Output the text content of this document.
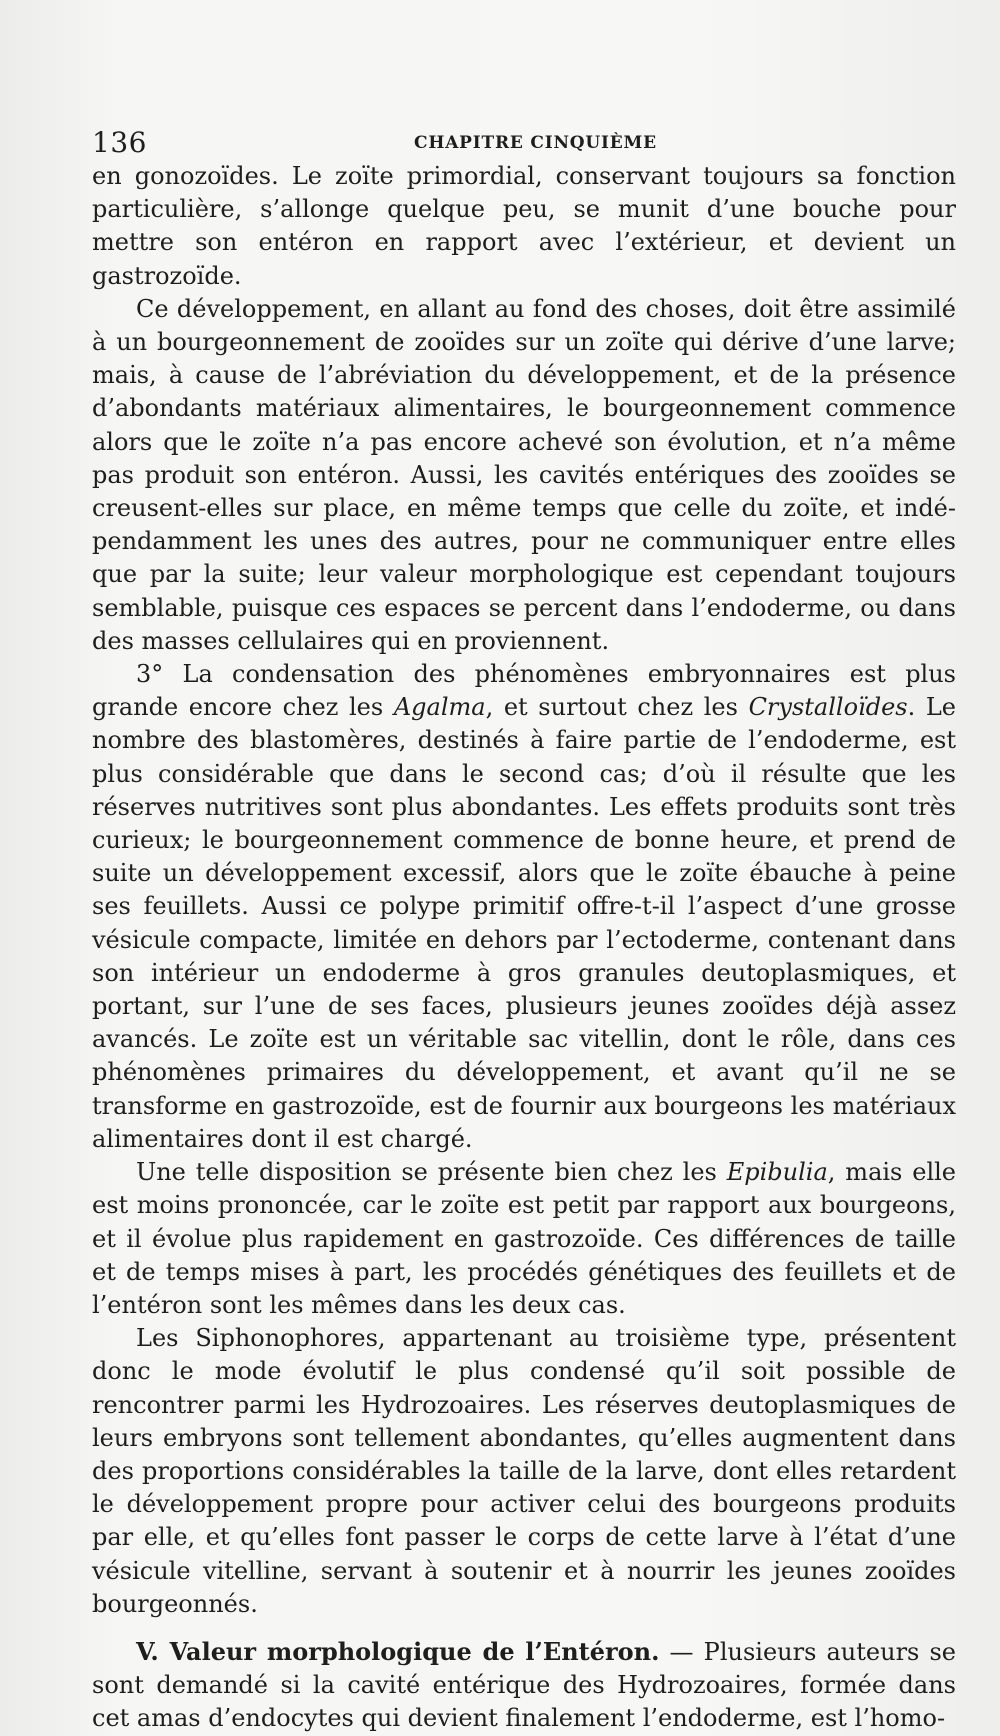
136	CHAPITRE CINQUIÈME

en gonozoïdes. Le zoïte primordial, conservant toujours sa fonction particulière, s’allonge quelque peu, se munit d’une bouche pour mettre son entéron en rapport avec l’extérieur, et devient un gastrozoïde.

Ce développement, en allant au fond des choses, doit être assimilé à un bourgeonnement de zooïdes sur un zoïte qui dérive d’une larve; mais, à cause de l’abréviation du développement, et de la présence d’abondants matériaux alimentaires, le bourgeonnement commence alors que le zoïte n’a pas encore achevé son évolution, et n’a même pas produit son entéron. Aussi, les cavités entériques des zooïdes se creusent-elles sur place, en même temps que celle du zoïte, et indépendamment les unes des autres, pour ne communiquer entre elles que par la suite; leur valeur morphologique est cependant toujours semblable, puisque ces espaces se percent dans l’endoderme, ou dans des masses cellulaires qui en proviennent.

3° La condensation des phénomènes embryonnaires est plus grande encore chez les Agalma, et surtout chez les Crystalloïdes. Le nombre des blastomères, destinés à faire partie de l’endoderme, est plus considérable que dans le second cas; d’où il résulte que les réserves nutritives sont plus abondantes. Les effets produits sont très curieux; le bourgeonnement commence de bonne heure, et prend de suite un développement excessif, alors que le zoïte ébauche à peine ses feuillets. Aussi ce polype primitif offre-t-il l’aspect d’une grosse vésicule compacte, limitée en dehors par l’ectoderme, contenant dans son intérieur un endoderme à gros granules deutoplasmiques, et portant, sur l’une de ses faces, plusieurs jeunes zooïdes déjà assez avancés. Le zoïte est un véritable sac vitellin, dont le rôle, dans ces phénomènes primaires du développement, et avant qu’il ne se transforme en gastrozoïde, est de fournir aux bourgeons les matériaux alimentaires dont il est chargé.

Une telle disposition se présente bien chez les Epibulia, mais elle est moins prononcée, car le zoïte est petit par rapport aux bourgeons, et il évolue plus rapidement en gastrozoïde. Ces différences de taille et de temps mises à part, les procédés génétiques des feuillets et de l’entéron sont les mêmes dans les deux cas.

Les Siphonophores, appartenant au troisième type, présentent donc le mode évolutif le plus condensé qu’il soit possible de rencontrer parmi les Hydrozoaires. Les réserves deutoplasmiques de leurs embryons sont tellement abondantes, qu’elles augmentent dans des proportions considérables la taille de la larve, dont elles retardent le développement propre pour activer celui des bourgeons produits par elle, et qu’elles font passer le corps de cette larve à l’état d’une vésicule vitelline, servant à soutenir et à nourrir les jeunes zooïdes bourgeonnés.

V. Valeur morphologique de l’Entéron. — Plusieurs auteurs se sont demandé si la cavité entérique des Hydrozoaires, formée dans cet amas d’endocytes qui devient finalement l’endoderme, est l’homo-
